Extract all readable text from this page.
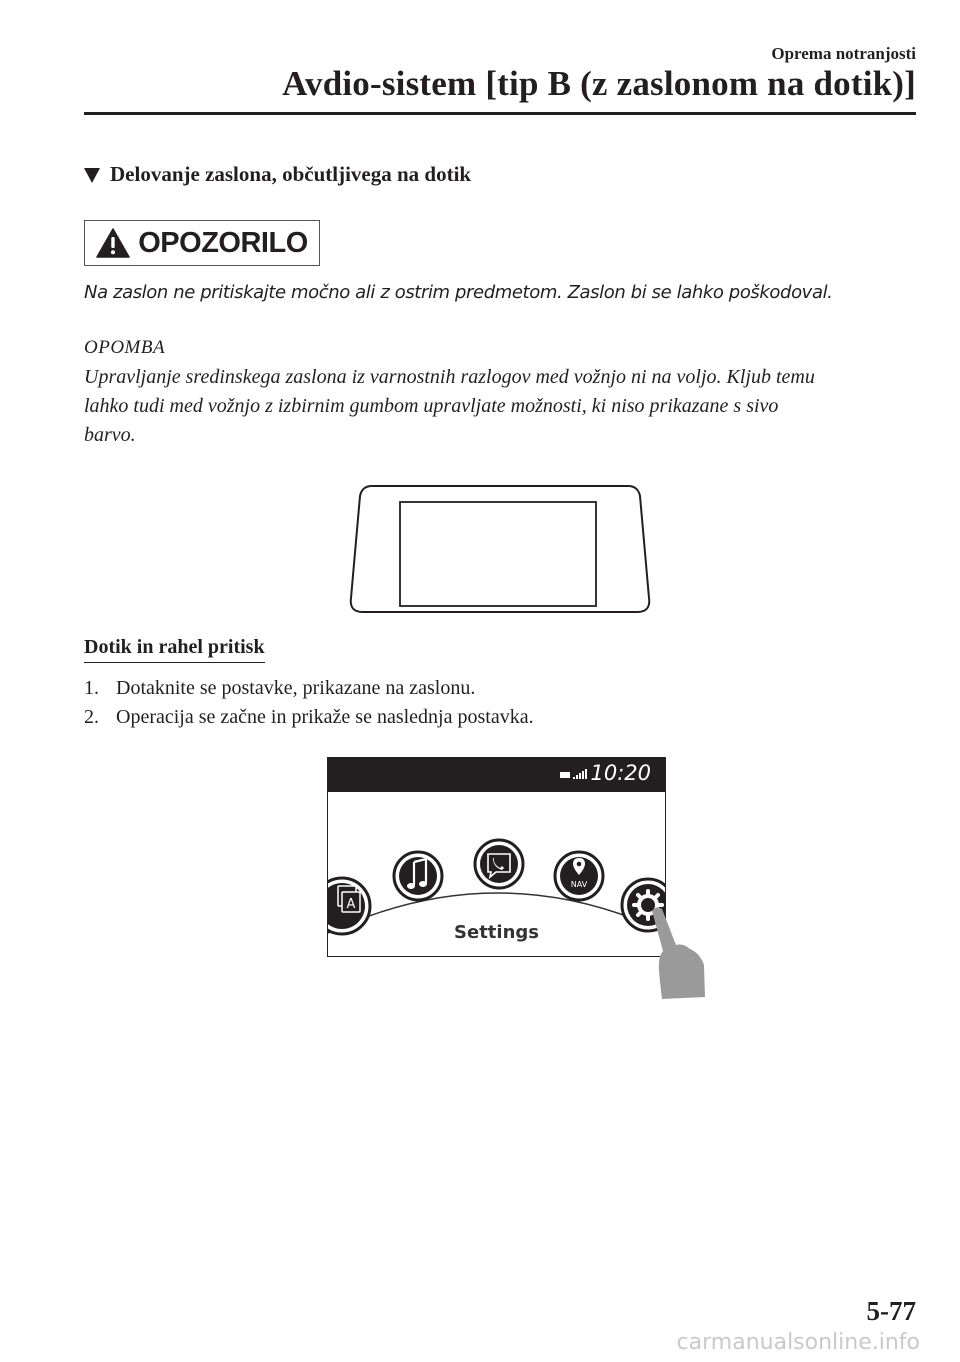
Oprema notranjosti
Avdio-sistem [tip B (z zaslonom na dotik)]
Delovanje zaslona, občutljivega na dotik
OPOZORILO
Na zaslon ne pritiskajte močno ali z ostrim predmetom. Zaslon bi se lahko poškodoval.
OPOMBA
Upravljanje sredinskega zaslona iz varnostnih razlogov med vožnjo ni na voljo. Kljub temu
lahko tudi med vožnjo z izbirnim gumbom upravljate možnosti, ki niso prikazane s sivo
barvo.
Dotik in rahel pritisk
1. Dotaknite se postavke, prikazane na zaslonu.
2. Operacija se začne in prikaže se naslednja postavka.
10:20
A
NAV
Settings
5-77
carmanualsonline.info
